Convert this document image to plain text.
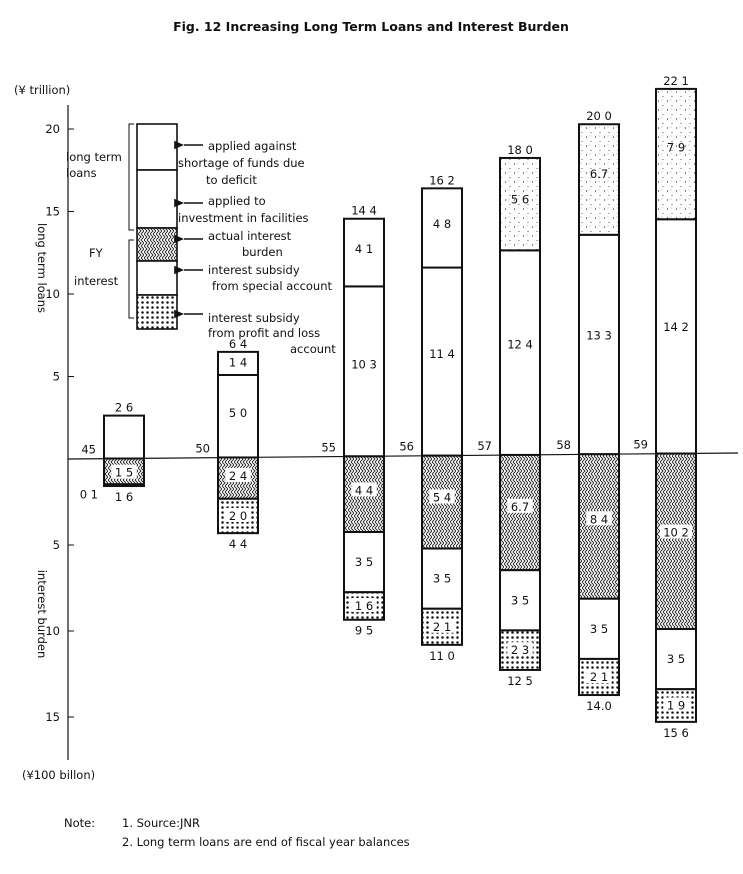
Fig. 12 Increasing Long Term Loans and Interest Burden
(¥ trillion)
(¥100 billon)
long term loans
interest burden
5
10
15
20
5
10
15
long term loans
FY
interest
applied against shortage of funds due to deficit
applied to investment in facilities
actual interest burden
interest subsidy from special account
interest subsidy from profit and loss account
45
2 6
1 5
0 1 1 6
50
6 4
5 0
1 4
2 4
2 0
4 4
55
14 4
10 3
4 1
4 4
3 5
1 6
9 5
56
16 2
11 4
4 8
5 4
3 5
2 1
11 0
57
18 0
12 4
5 6
6.7
3 5
2 3
12 5
58
20 0
13 3
6.7
8 4
3 5
2 1
14.0
59
22 1
14 2
7 9
10 2
3 5
1 9
15 6
Note: 1. Source:JNR
2. Long term loans are end of fiscal year balances
